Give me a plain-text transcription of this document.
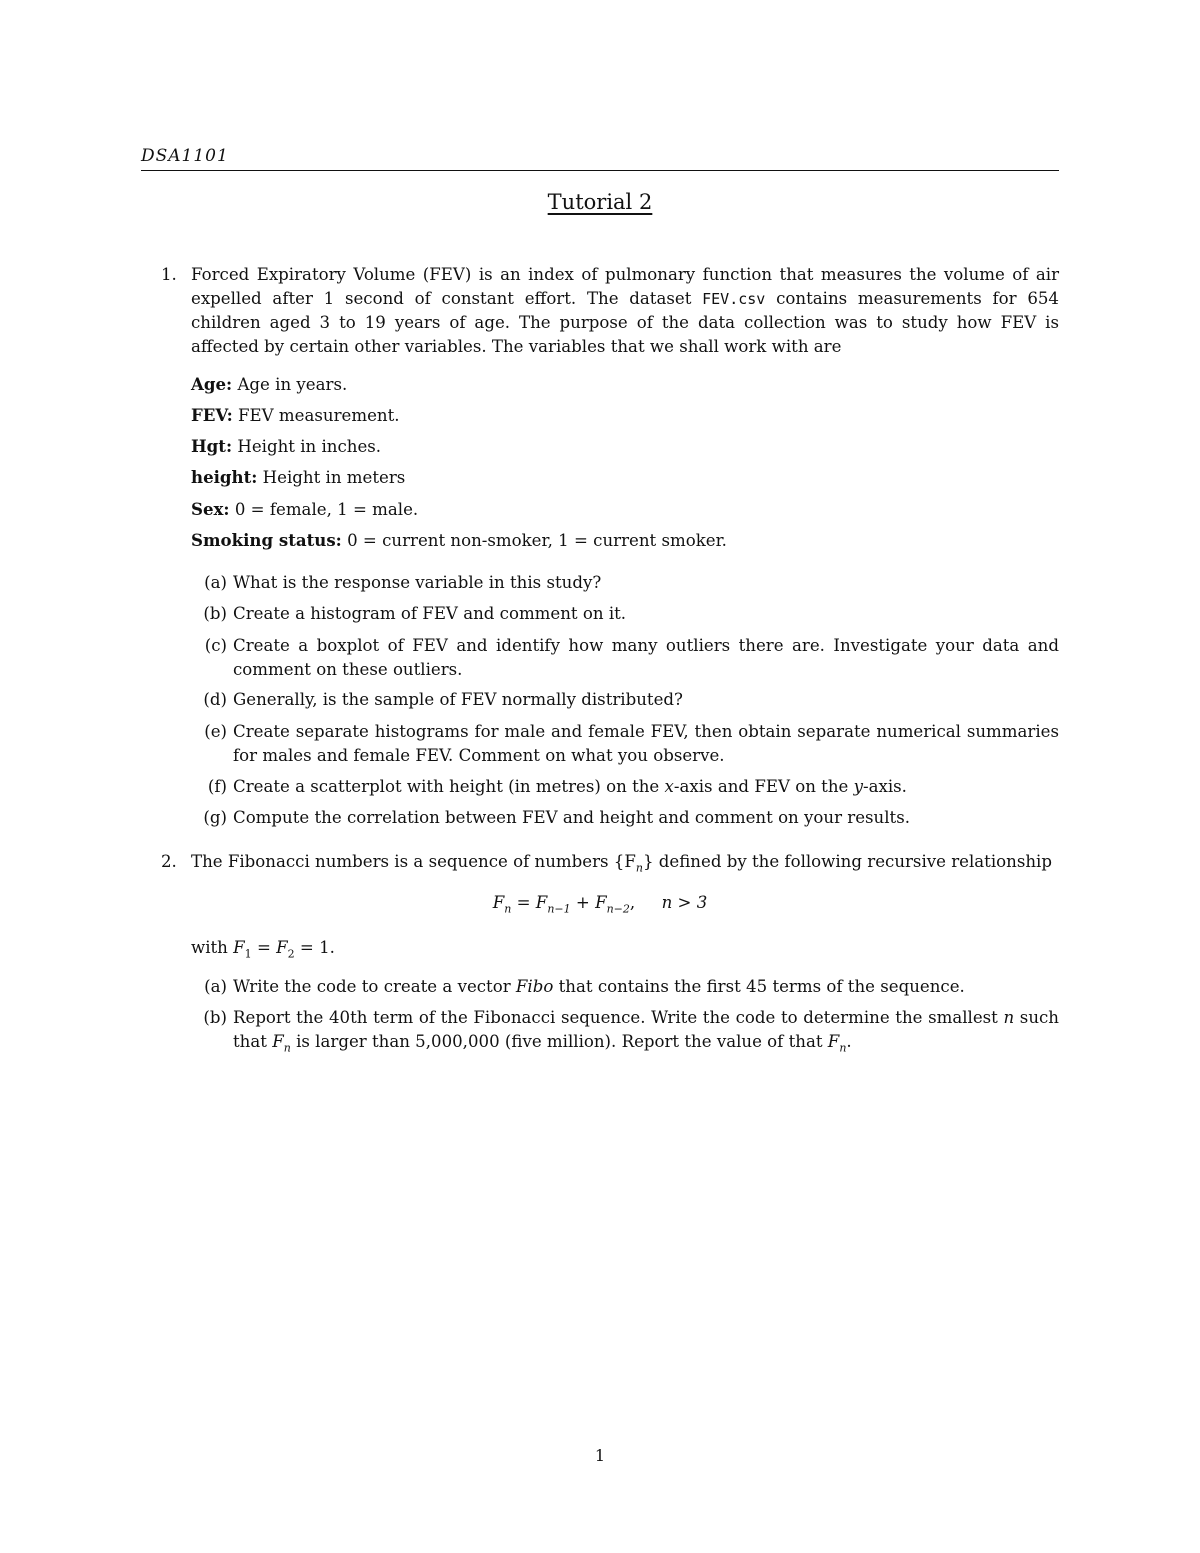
DSA1101
Tutorial 2
1. Forced Expiratory Volume (FEV) is an index of pulmonary function that measures the volume of air expelled after 1 second of constant effort. The dataset FEV.csv contains measurements for 654 children aged 3 to 19 years of age. The purpose of the data collection was to study how FEV is affected by certain other variables. The variables that we shall work with are
Age: Age in years.
FEV: FEV measurement.
Hgt: Height in inches.
height: Height in meters
Sex: 0 = female, 1 = male.
Smoking status: 0 = current non-smoker, 1 = current smoker.
(a) What is the response variable in this study?
(b) Create a histogram of FEV and comment on it.
(c) Create a boxplot of FEV and identify how many outliers there are. Investigate your data and comment on these outliers.
(d) Generally, is the sample of FEV normally distributed?
(e) Create separate histograms for male and female FEV, then obtain separate numerical summaries for males and female FEV. Comment on what you observe.
(f) Create a scatterplot with height (in metres) on the x-axis and FEV on the y-axis.
(g) Compute the correlation between FEV and height and comment on your results.
2. The Fibonacci numbers is a sequence of numbers $\{F_n\}$ defined by the following recursive relationship
$F_n = F_{n-1} + F_{n-2}$, n > 3
with $F_1 = F_2 = 1$.
(a) Write the code to create a vector Fibo that contains the first 45 terms of the sequence.
(b) Report the 40th term of the Fibonacci sequence. Write the code to determine the smallest n such that $F_n$ is larger than 5,000,000 (five million). Report the value of that $F_n$.
1
